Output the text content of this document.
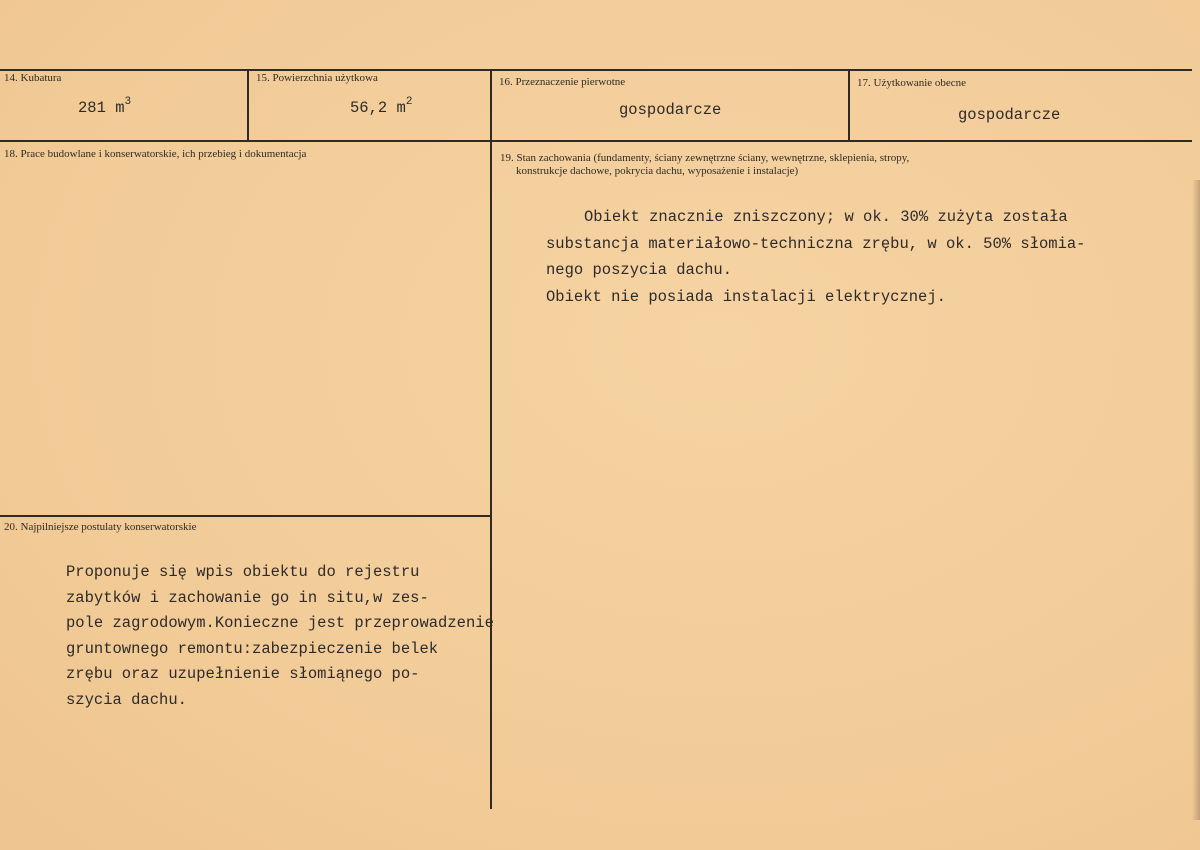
14. Kubatura
281 $m^3$
15. Powierzchnia użytkowa
56,2 $m^2$
16. Przeznaczenie pierwotne
gospodarcze
17. Użytkowanie obecne
gospodarcze
18. Prace budowlane i konserwatorskie, ich przebieg i dokumentacja	19. Stan zachowania (fundamenty, ściany zewnętrzne ściany, wewnętrzne, sklepienia, stropy,
konstrukcje dachowe, pokrycia dachu, wyposażenie i instalacje)
Obiekt znacznie zniszczony; w ok. 30% zużyta została
substancja materiałowo-techniczna zrębu, w ok. 50% słomia-
nego poszycia dachu.
Obiekt nie posiada instalacji elektrycznej.
20. Najpilniejsze postulaty konserwatorskie
Proponuje się wpis obiektu do rejestru
zabytków i zachowanie go in situ,w zes-
pole zagrodowym.Konieczne jest przeprowadzenie
gruntownego remontu:zabezpieczenie belek
zrębu oraz uzupełnienie słomiąnego po-
szycia dachu.
